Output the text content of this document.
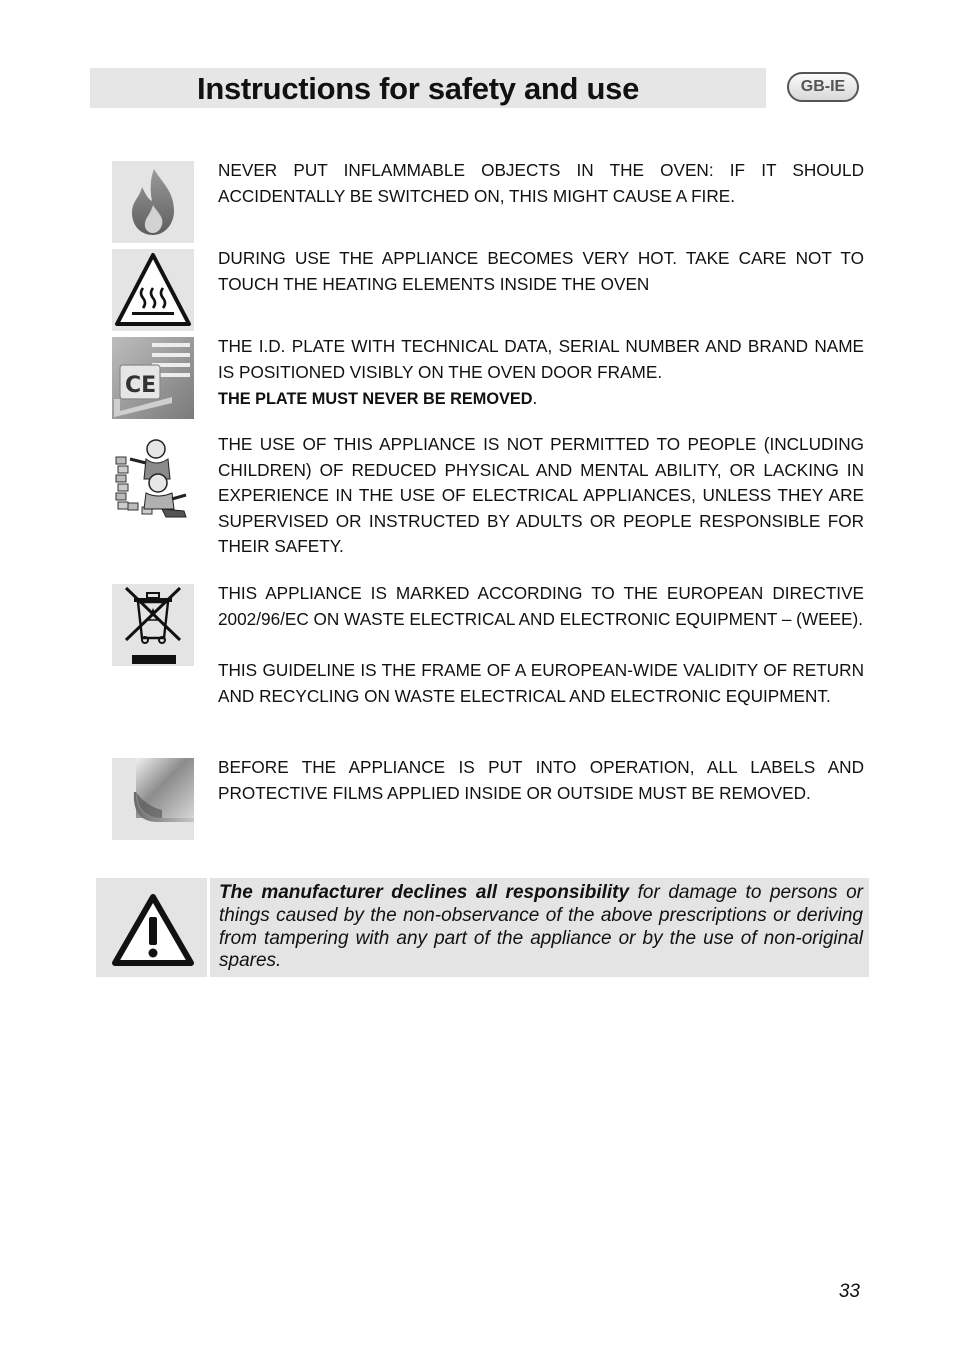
Instructions for safety and use	GB-IE

NEVER PUT INFLAMMABLE OBJECTS IN THE OVEN: IF IT SHOULD ACCIDENTALLY BE SWITCHED ON, THIS MIGHT CAUSE A FIRE.

DURING USE THE APPLIANCE BECOMES VERY HOT. TAKE CARE NOT TO TOUCH THE HEATING ELEMENTS INSIDE THE OVEN

CE

THE I.D. PLATE WITH TECHNICAL DATA, SERIAL NUMBER AND BRAND NAME IS POSITIONED VISIBLY ON THE OVEN DOOR FRAME.

THE PLATE MUST NEVER BE REMOVED.

THE USE OF THIS APPLIANCE IS NOT PERMITTED TO PEOPLE (INCLUDING CHILDREN) OF REDUCED PHYSICAL AND MENTAL ABILITY, OR LACKING IN EXPERIENCE IN THE USE OF ELECTRICAL APPLIANCES, UNLESS THEY ARE SUPERVISED OR INSTRUCTED BY ADULTS OR PEOPLE RESPONSIBLE FOR THEIR SAFETY.

THIS APPLIANCE IS MARKED ACCORDING TO THE EUROPEAN DIRECTIVE 2002/96/EC ON WASTE ELECTRICAL AND ELECTRONIC EQUIPMENT – (WEEE).

THIS GUIDELINE IS THE FRAME OF A EUROPEAN-WIDE VALIDITY OF RETURN AND RECYCLING ON WASTE ELECTRICAL AND ELECTRONIC EQUIPMENT.

BEFORE THE APPLIANCE IS PUT INTO OPERATION, ALL LABELS AND PROTECTIVE FILMS APPLIED INSIDE OR OUTSIDE MUST BE REMOVED.

The manufacturer declines all responsibility for damage to persons or things caused by the non-observance of the above prescriptions or deriving from tampering with any part of the appliance or by the use of non-original spares.

33
